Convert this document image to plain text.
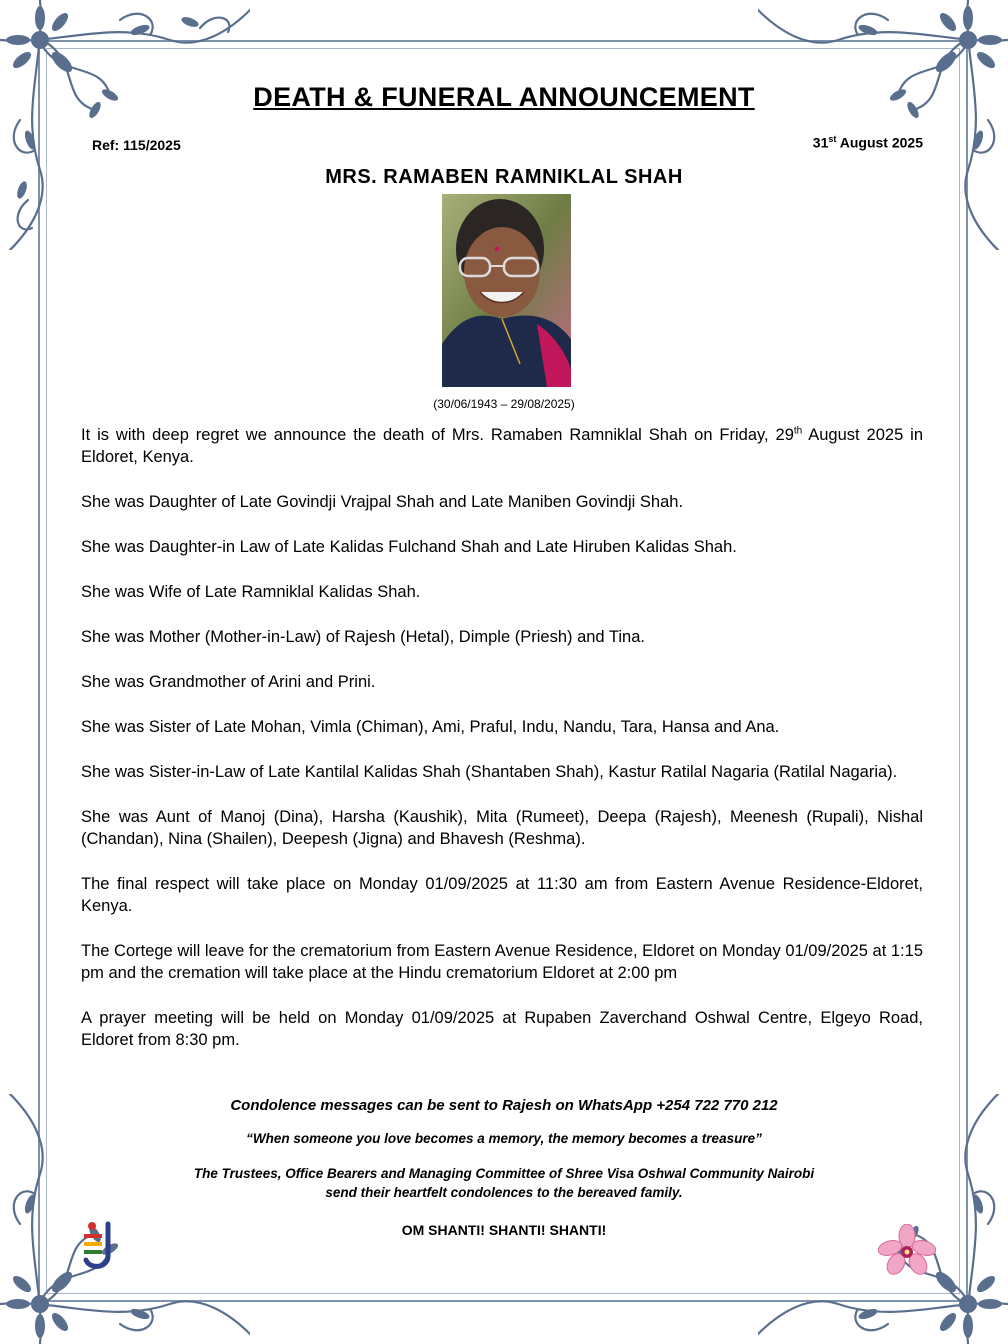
DEATH & FUNERAL ANNOUNCEMENT
Ref: 115/2025	31st August 2025
MRS. RAMABEN RAMNIKLAL SHAH
(30/06/1943 – 29/08/2025)

It is with deep regret we announce the death of Mrs. Ramaben Ramniklal Shah on Friday, 29th August 2025 in Eldoret, Kenya.

She was Daughter of Late Govindji Vrajpal Shah and Late Maniben Govindji Shah.

She was Daughter-in Law of Late Kalidas Fulchand Shah and Late Hiruben Kalidas Shah.

She was Wife of Late Ramniklal Kalidas Shah.

She was Mother (Mother-in-Law) of Rajesh (Hetal), Dimple (Priesh) and Tina.

She was Grandmother of Arini and Prini.

She was Sister of Late Mohan, Vimla (Chiman), Ami, Praful, Indu, Nandu, Tara, Hansa and Ana.

She was Sister-in-Law of Late Kantilal Kalidas Shah (Shantaben Shah), Kastur Ratilal Nagaria (Ratilal Nagaria).

She was Aunt of Manoj (Dina), Harsha (Kaushik), Mita (Rumeet), Deepa (Rajesh), Meenesh (Rupali), Nishal (Chandan), Nina (Shailen), Deepesh (Jigna) and Bhavesh (Reshma).

The final respect will take place on Monday 01/09/2025 at 11:30 am from Eastern Avenue Residence-Eldoret, Kenya.

The Cortege will leave for the crematorium from Eastern Avenue Residence, Eldoret on Monday 01/09/2025 at 1:15 pm and the cremation will take place at the Hindu crematorium Eldoret at 2:00 pm

A prayer meeting will be held on Monday 01/09/2025 at Rupaben Zaverchand Oshwal Centre, Elgeyo Road, Eldoret from 8:30 pm.

Condolence messages can be sent to Rajesh on WhatsApp +254 722 770 212
“When someone you love becomes a memory, the memory becomes a treasure”
The Trustees, Office Bearers and Managing Committee of Shree Visa Oshwal Community Nairobi
send their heartfelt condolences to the bereaved family.
OM SHANTI! SHANTI! SHANTI!
